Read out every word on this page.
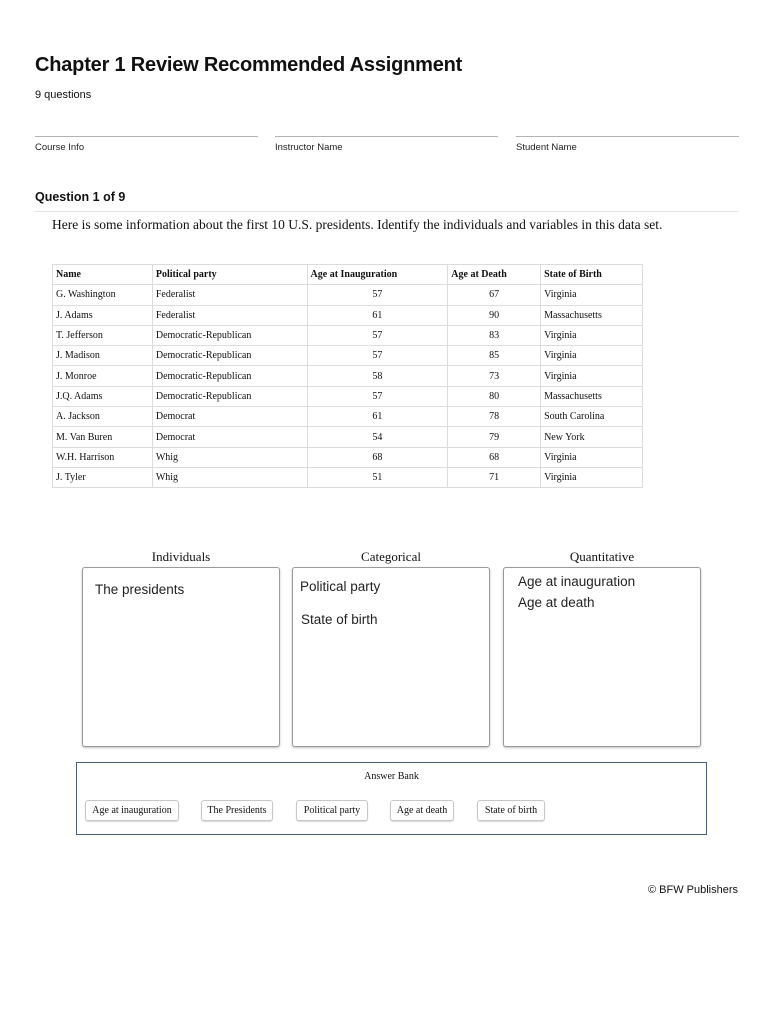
Chapter 1 Review Recommended Assignment
9 questions
Course Info	Instructor Name	Student Name
Question 1 of 9
Here is some information about the first 10 U.S. presidents. Identify the individuals and variables in this data set.
Name	Political party	Age at Inauguration	Age at Death	State of Birth
G. Washington	Federalist	57	67	Virginia
J. Adams	Federalist	61	90	Massachusetts
T. Jefferson	Democratic-Republican	57	83	Virginia
J. Madison	Democratic-Republican	57	85	Virginia
J. Monroe	Democratic-Republican	58	73	Virginia
J.Q. Adams	Democratic-Republican	57	80	Massachusetts
A. Jackson	Democrat	61	78	South Carolina
M. Van Buren	Democrat	54	79	New York
W.H. Harrison	Whig	68	68	Virginia
J. Tyler	Whig	51	71	Virginia
Individuals	Categorical	Quantitative
The presidents	Political party
State of birth
Age at inauguration
Age at death
Answer Bank
Age at inauguration	The Presidents	Political party	Age at death	State of birth
© BFW Publishers
